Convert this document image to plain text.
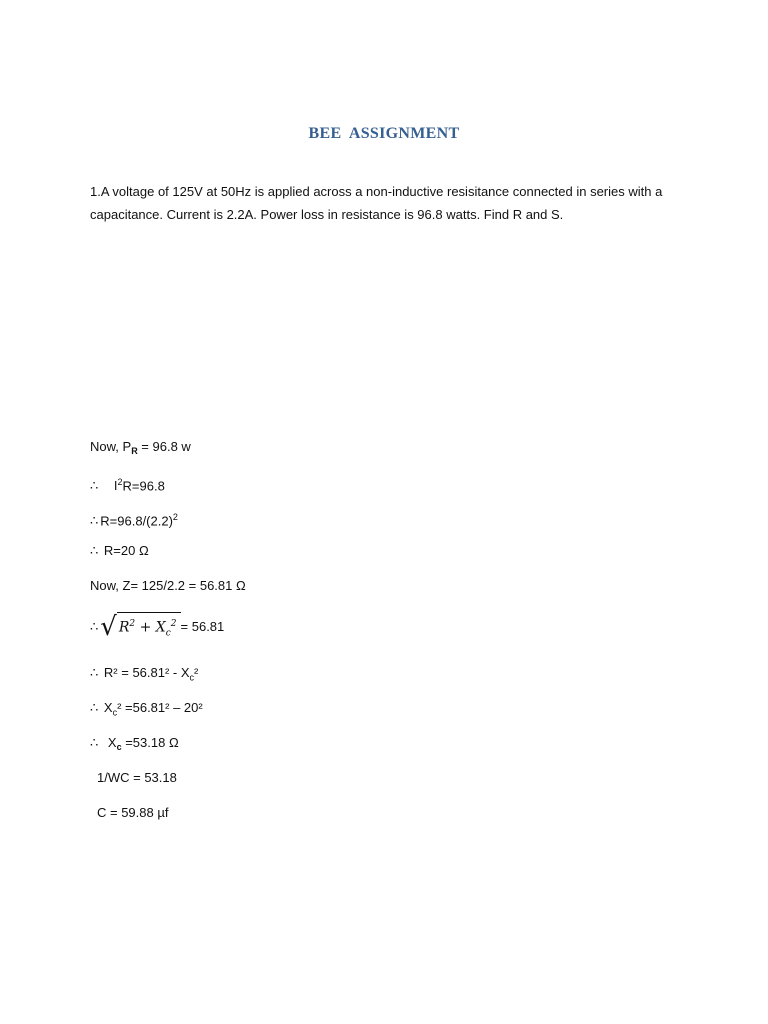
BEE ASSIGNMENT
1.A voltage of 125V at 50Hz is applied across a non-inductive resisitance connected in series with a capacitance. Current is 2.2A. Power loss in resistance is 96.8 watts. Find R and S.
Now, $P_R = 96.8$ w
∴ $I^2R=96.8$
∴ $R=96.8/(2.2)^2$
∴ R=20 Ω
Now, Z= 125/2.2 = 56.81 Ω
∴ √ $R^2 + X_c^2 = 56.81$
∴ $R^2 = 56.81^2 - X_c^2$
∴ $X_c^2 =56.81^2 - 20^2$
∴ $X_c =53.18$ Ω
1/WC = 53.18
C = 59.88 µf
